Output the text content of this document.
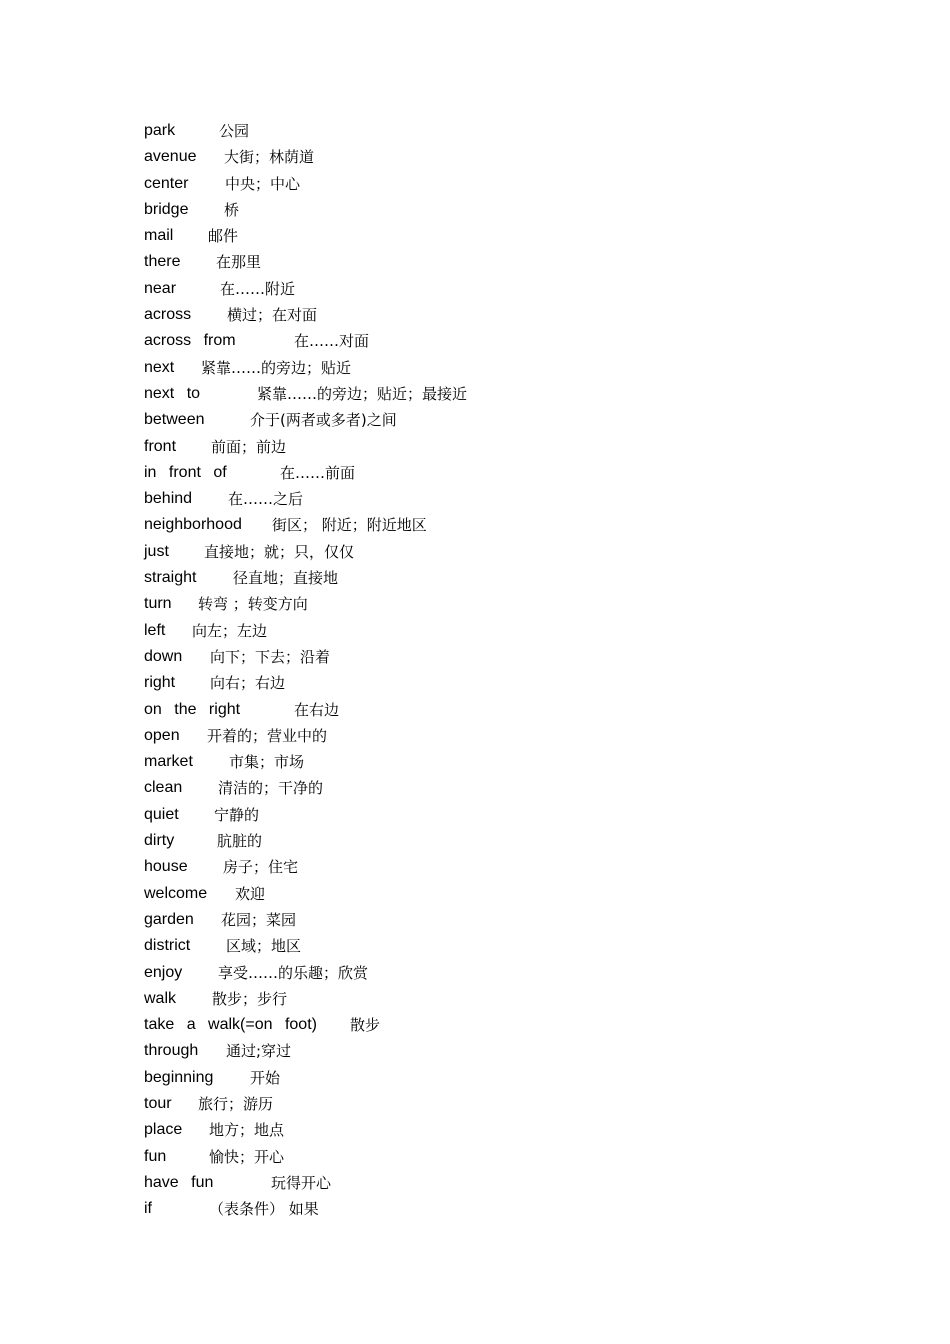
park	公园
avenue 大街；林荫道
center 中央；中心
bridge 桥
mail 邮件
there 在那里
near	在……附近
across 横过；在对面
across from	在……对面
next 紧靠……的旁边；贴近
next to	紧靠……的旁边；贴近；最接近
between	介于(两者或多者)之间
front 前面；前边
in front of	在……前面
behind 在……之后
neighborhood 街区； 附近；附近地区
just 直接地；就；只，仅仅
straight 径直地；直接地
turn 转弯 ；转变方向
left 向左；左边
down 向下；下去；沿着
right 向右；右边
on the right	在右边
open 开着的；营业中的
market 市集；市场
clean 清洁的；干净的
quiet 宁静的
dirty	肮脏的
house 房子；住宅
welcome 欢迎
garden 花园；菜园
district 区域；地区
enjoy 享受……的乐趣；欣赏
walk 散步；步行
take a walk(=on foot) 散步
through 通过;穿过
beginning 开始
tour 旅行；游历
place 地方；地点
fun	愉快；开心
have fun	玩得开心
if	（表条件） 如果
